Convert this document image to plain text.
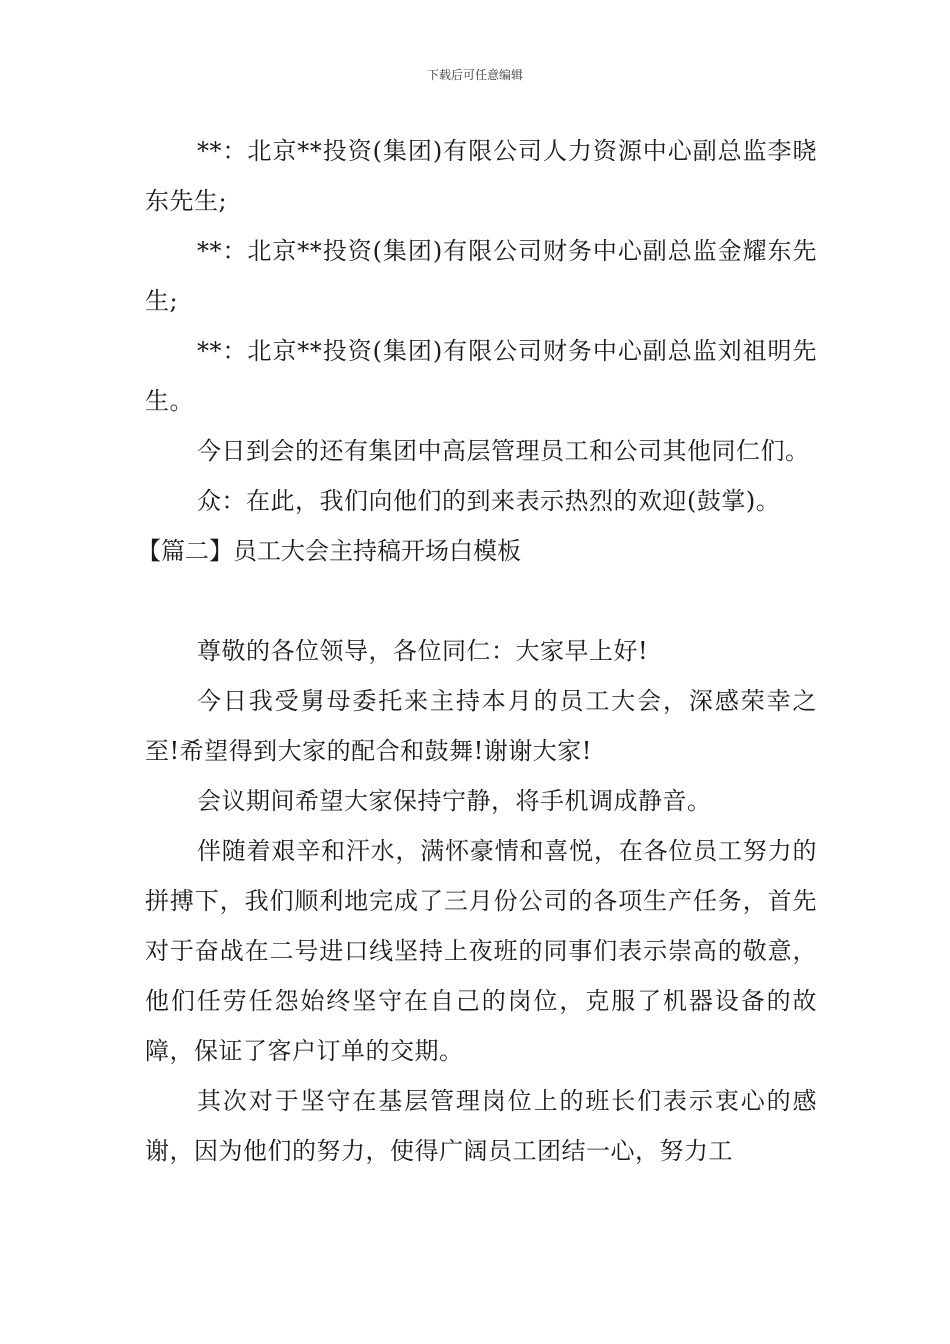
下载后可任意编辑

**：北京**投资(集团)有限公司人力资源中心副总监李晓东先生;

**：北京**投资(集团)有限公司财务中心副总监金耀东先生;

**：北京**投资(集团)有限公司财务中心副总监刘祖明先生。

今日到会的还有集团中高层管理员工和公司其他同仁们。

众：在此，我们向他们的到来表示热烈的欢迎(鼓掌)。

【篇二】员工大会主持稿开场白模板

尊敬的各位领导，各位同仁：大家早上好!

今日我受舅母委托来主持本月的员工大会，深感荣幸之至!希望得到大家的配合和鼓舞!谢谢大家!

会议期间希望大家保持宁静，将手机调成静音。

伴随着艰辛和汗水，满怀豪情和喜悦，在各位员工努力的拼搏下，我们顺利地完成了三月份公司的各项生产任务，首先对于奋战在二号进口线坚持上夜班的同事们表示崇高的敬意，他们任劳任怨始终坚守在自己的岗位，克服了机器设备的故障，保证了客户订单的交期。

其次对于坚守在基层管理岗位上的班长们表示衷心的感谢，因为他们的努力，使得广阔员工团结一心，努力工
